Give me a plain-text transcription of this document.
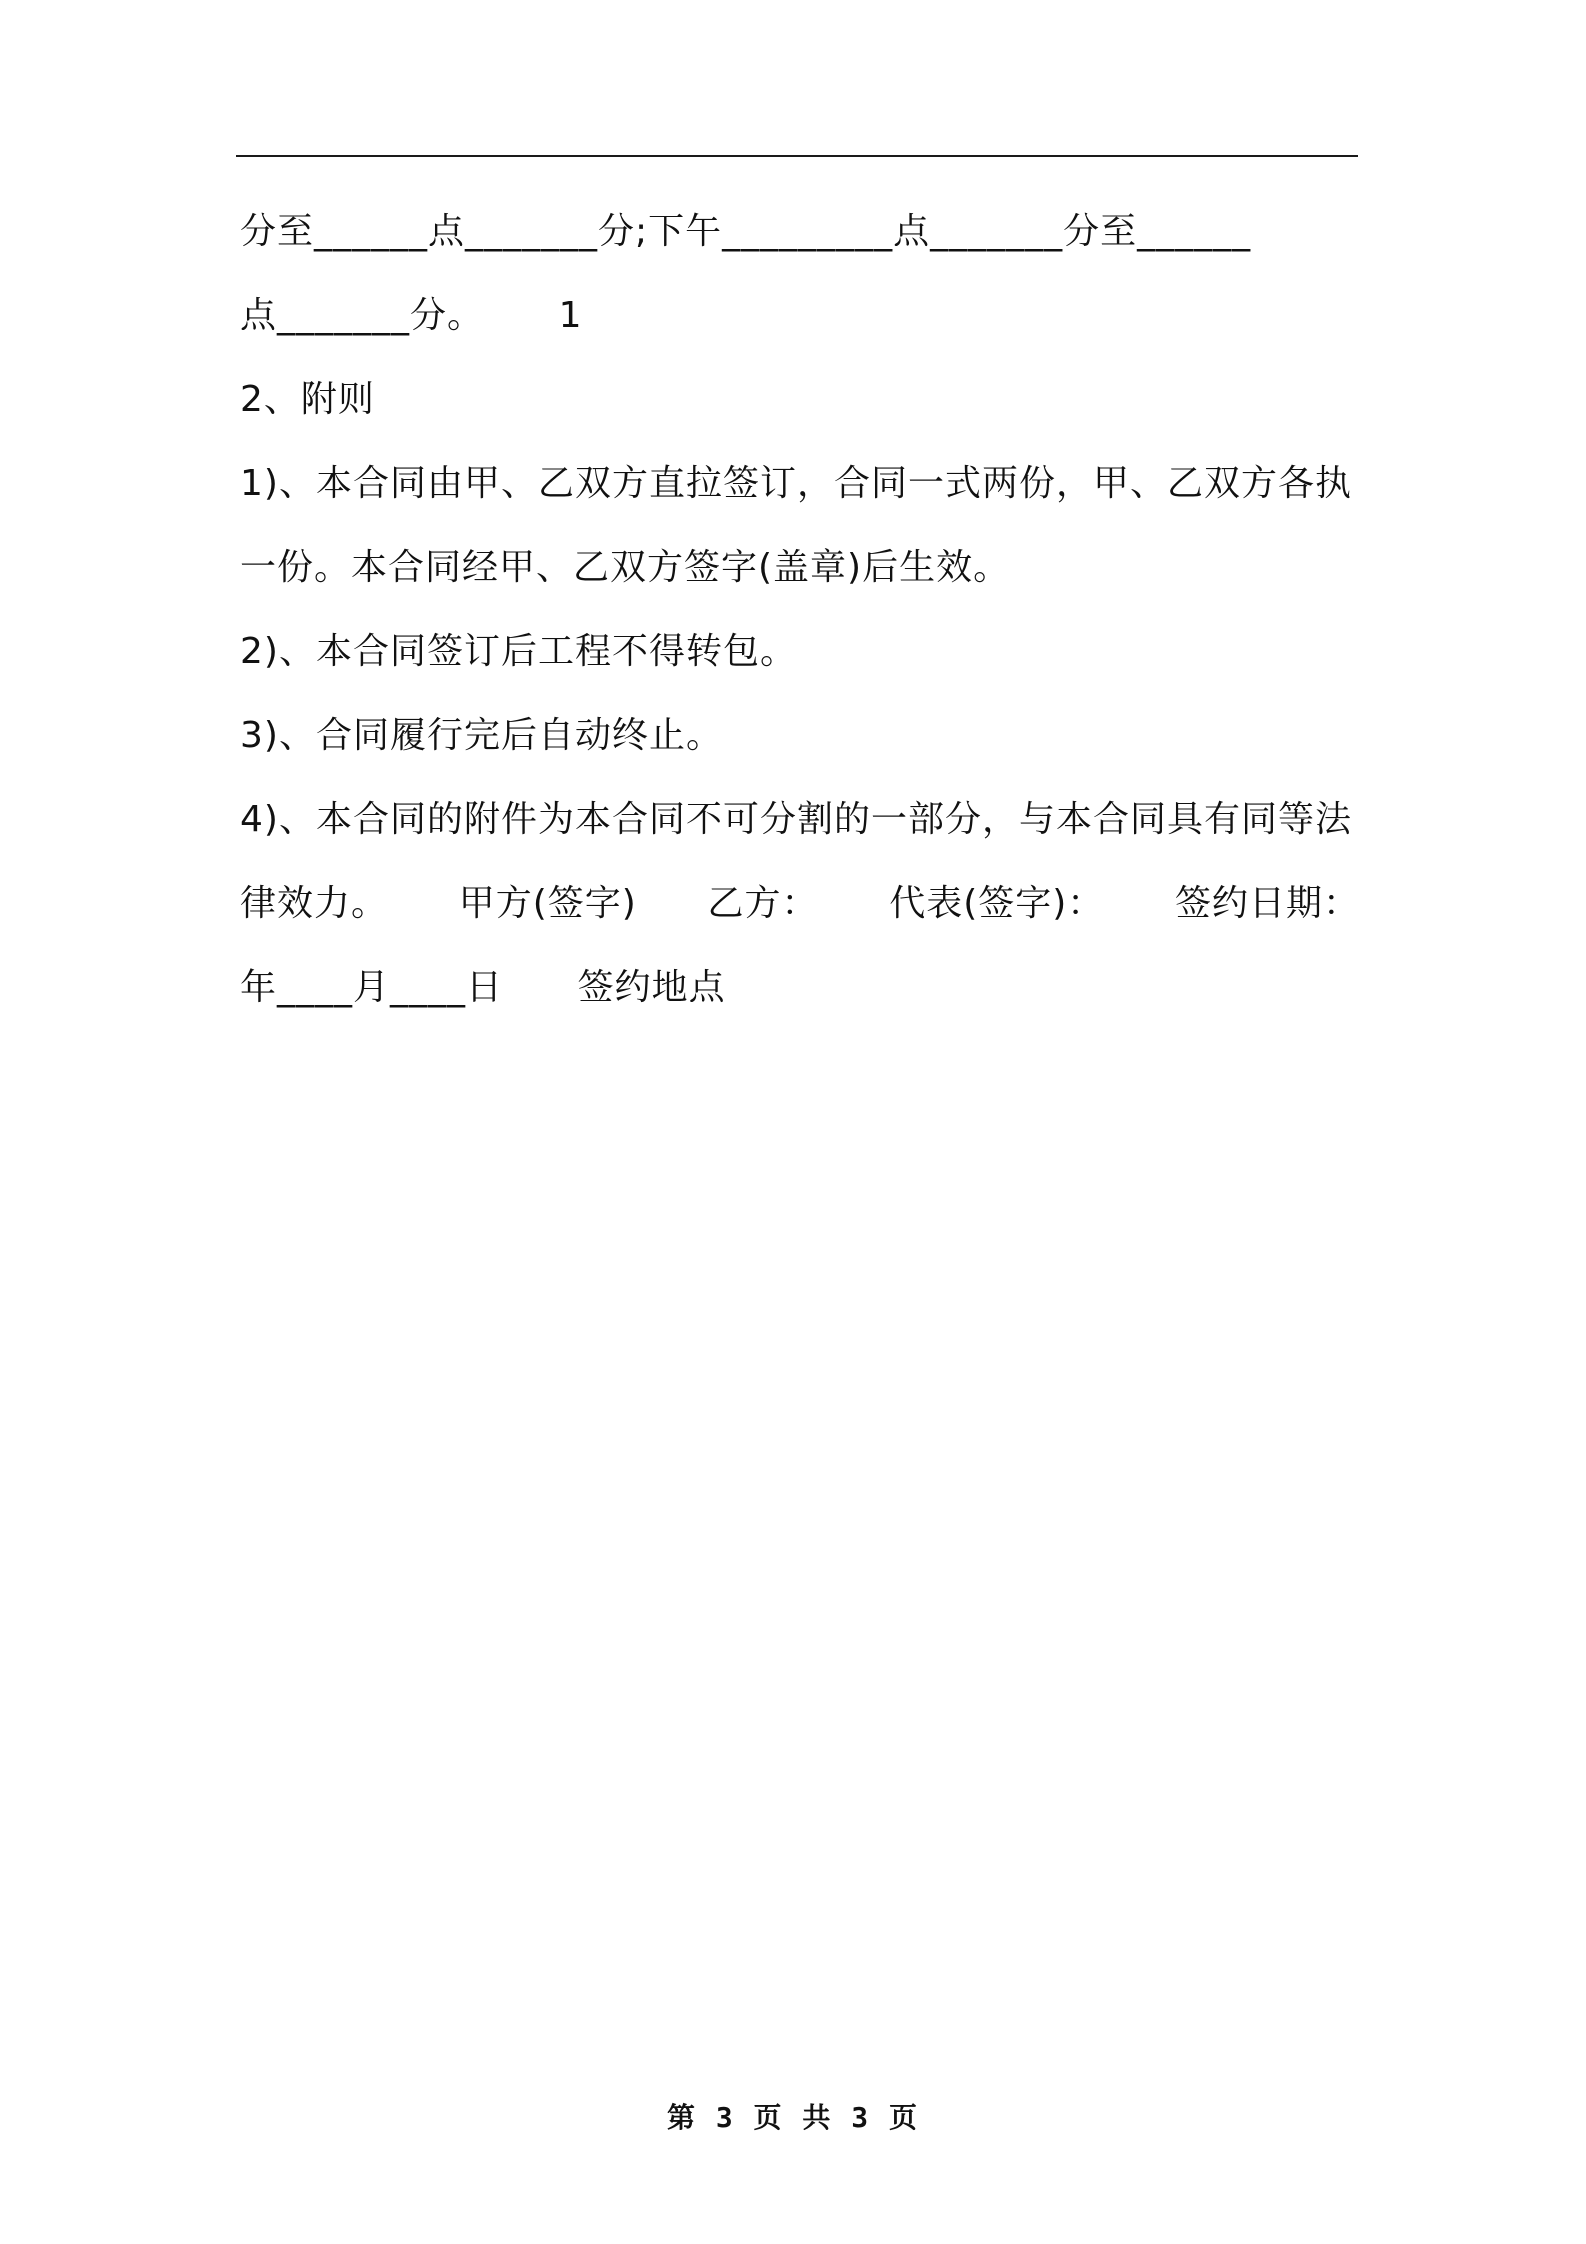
分至______点_______分;下午_________点_______分至______
点_______分。      1
2、附则
1)、本合同由甲、乙双方直拉签订，合同一式两份，甲、乙双方各执
一份。本合同经甲、乙双方签字(盖章)后生效。
2)、本合同签订后工程不得转包。
3)、合同履行完后自动终止。
4)、本合同的附件为本合同不可分割的一部分，与本合同具有同等法
律效力。 甲方(签字) 乙方： 代表(签字)： 签约日期：
年____月____日      签约地点
第 3 页 共 3 页
